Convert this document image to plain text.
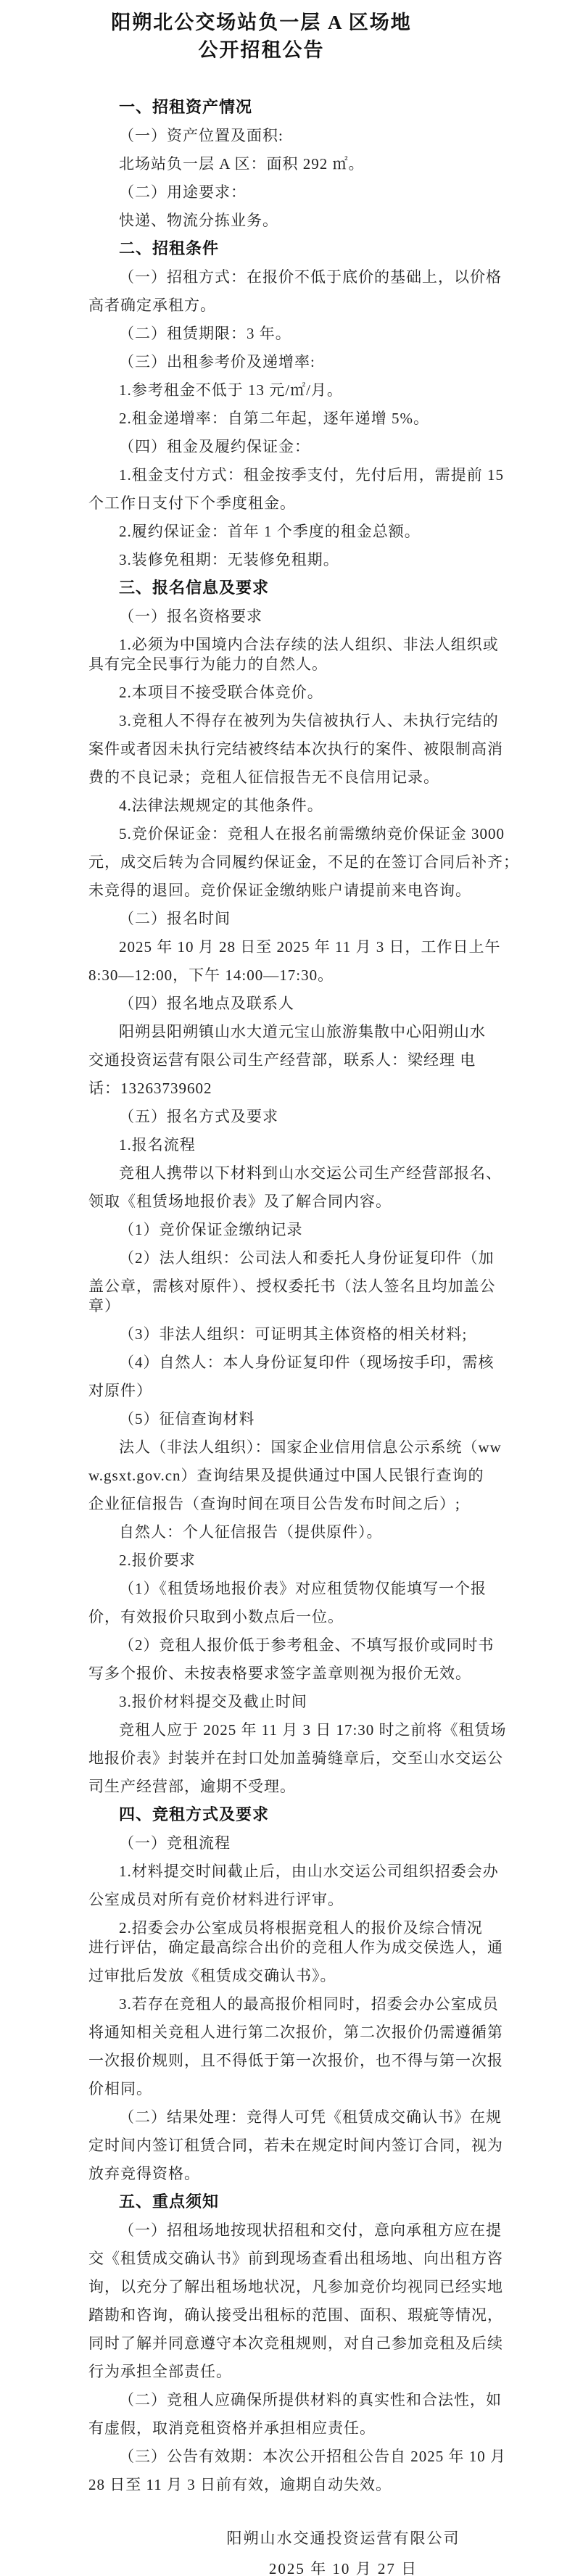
阳朔北公交场站负一层 A 区场地
公开招租公告
一、招租资产情况
（一）资产位置及面积:
北场站负一层 A 区：面积 292 ㎡。
（二）用途要求：
快递、物流分拣业务。
二、招租条件
（一）招租方式：在报价不低于底价的基础上，以价格
高者确定承租方。
（二）租赁期限：3 年。
（三）出租参考价及递增率:
1.参考租金不低于 13 元/㎡/月。
2.租金递增率：自第二年起，逐年递增 5%。
（四）租金及履约保证金：
1.租金支付方式：租金按季支付，先付后用，需提前 15
个工作日支付下个季度租金。
2.履约保证金：首年 1 个季度的租金总额。
3.装修免租期：无装修免租期。
三、报名信息及要求
（一）报名资格要求
1.必须为中国境内合法存续的法人组织、非法人组织或
具有完全民事行为能力的自然人。
2.本项目不接受联合体竞价。
3.竞租人不得存在被列为失信被执行人、未执行完结的
案件或者因未执行完结被终结本次执行的案件、被限制高消
费的不良记录；竞租人征信报告无不良信用记录。
4.法律法规规定的其他条件。
5.竞价保证金：竞租人在报名前需缴纳竞价保证金 3000
元，成交后转为合同履约保证金，不足的在签订合同后补齐；
未竞得的退回。竞价保证金缴纳账户请提前来电咨询。
（二）报名时间
2025 年 10 月 28 日至 2025 年 11 月 3 日，工作日上午
8:30—12:00，下午 14:00—17:30。
（四）报名地点及联系人
阳朔县阳朔镇山水大道元宝山旅游集散中心阳朔山水
交通投资运营有限公司生产经营部，联系人：梁经理 电
话：13263739602
（五）报名方式及要求
1.报名流程
竞租人携带以下材料到山水交运公司生产经营部报名、
领取《租赁场地报价表》及了解合同内容。
（1）竞价保证金缴纳记录
（2）法人组织：公司法人和委托人身份证复印件（加
盖公章，需核对原件）、授权委托书（法人签名且均加盖公
章）
（3）非法人组织：可证明其主体资格的相关材料;
（4）自然人：本人身份证复印件（现场按手印，需核
对原件）
（5）征信查询材料
法人（非法人组织）：国家企业信用信息公示系统（ww
w.gsxt.gov.cn）查询结果及提供通过中国人民银行查询的
企业征信报告（查询时间在项目公告发布时间之后）;
自然人：个人征信报告（提供原件）。
2.报价要求
（1）《租赁场地报价表》对应租赁物仅能填写一个报
价，有效报价只取到小数点后一位。
（2）竞租人报价低于参考租金、不填写报价或同时书
写多个报价、未按表格要求签字盖章则视为报价无效。
3.报价材料提交及截止时间
竞租人应于 2025 年 11 月 3 日 17:30 时之前将《租赁场
地报价表》封装并在封口处加盖骑缝章后，交至山水交运公
司生产经营部，逾期不受理。
四、竞租方式及要求
（一）竞租流程
1.材料提交时间截止后，由山水交运公司组织招委会办
公室成员对所有竞价材料进行评审。
2.招委会办公室成员将根据竞租人的报价及综合情况
进行评估，确定最高综合出价的竞租人作为成交侯选人，通
过审批后发放《租赁成交确认书》。
3.若存在竞租人的最高报价相同时，招委会办公室成员
将通知相关竞租人进行第二次报价，第二次报价仍需遵循第
一次报价规则，且不得低于第一次报价，也不得与第一次报
价相同。
（二）结果处理：竞得人可凭《租赁成交确认书》在规
定时间内签订租赁合同，若未在规定时间内签订合同，视为
放弃竞得资格。
五、重点须知
（一）招租场地按现状招租和交付，意向承租方应在提
交《租赁成交确认书》前到现场查看出租场地、向出租方咨
询，以充分了解出租场地状况，凡参加竞价均视同已经实地
踏勘和咨询，确认接受出租标的范围、面积、瑕疵等情况，
同时了解并同意遵守本次竞租规则，对自己参加竞租及后续
行为承担全部责任。
（二）竞租人应确保所提供材料的真实性和合法性，如
有虚假，取消竞租资格并承担相应责任。
（三）公告有效期：本次公开招租公告自 2025 年 10 月
28 日至 11 月 3 日前有效，逾期自动失效。
阳朔山水交通投资运营有限公司
2025 年 10 月 27 日
